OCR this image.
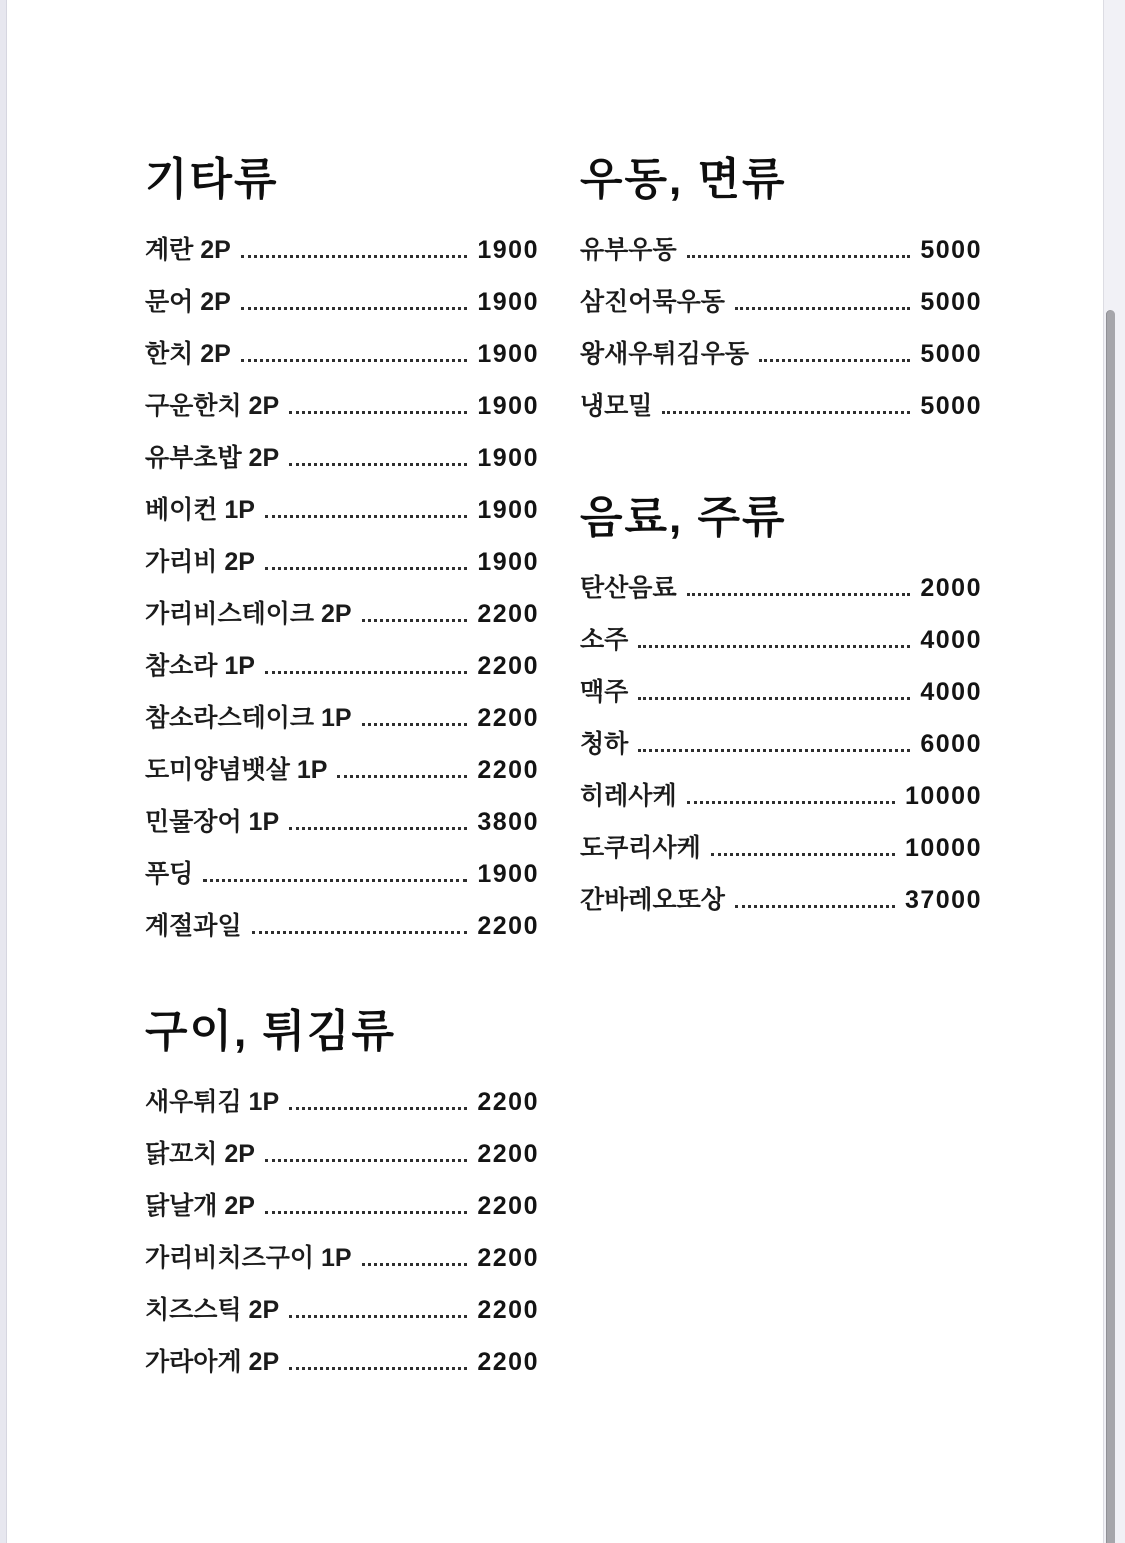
기타류
계란 2P	1900
문어 2P	1900
한치 2P	1900
구운한치 2P	1900
유부초밥 2P	1900
베이컨 1P	1900
가리비 2P	1900
가리비스테이크 2P	2200
참소라 1P	2200
참소라스테이크 1P	2200
도미양념뱃살 1P	2200
민물장어 1P	3800
푸딩	1900
계절과일	2200
구이, 튀김류
새우튀김 1P	2200
닭꼬치 2P	2200
닭날개 2P	2200
가리비치즈구이 1P	2200
치즈스틱 2P	2200
가라아게 2P	2200
우동, 면류
유부우동	5000
삼진어묵우동	5000
왕새우튀김우동	5000
냉모밀	5000
음료, 주류
탄산음료	2000
소주	4000
맥주	4000
청하	6000
히레사케	10000
도쿠리사케	10000
간바레오또상	37000
